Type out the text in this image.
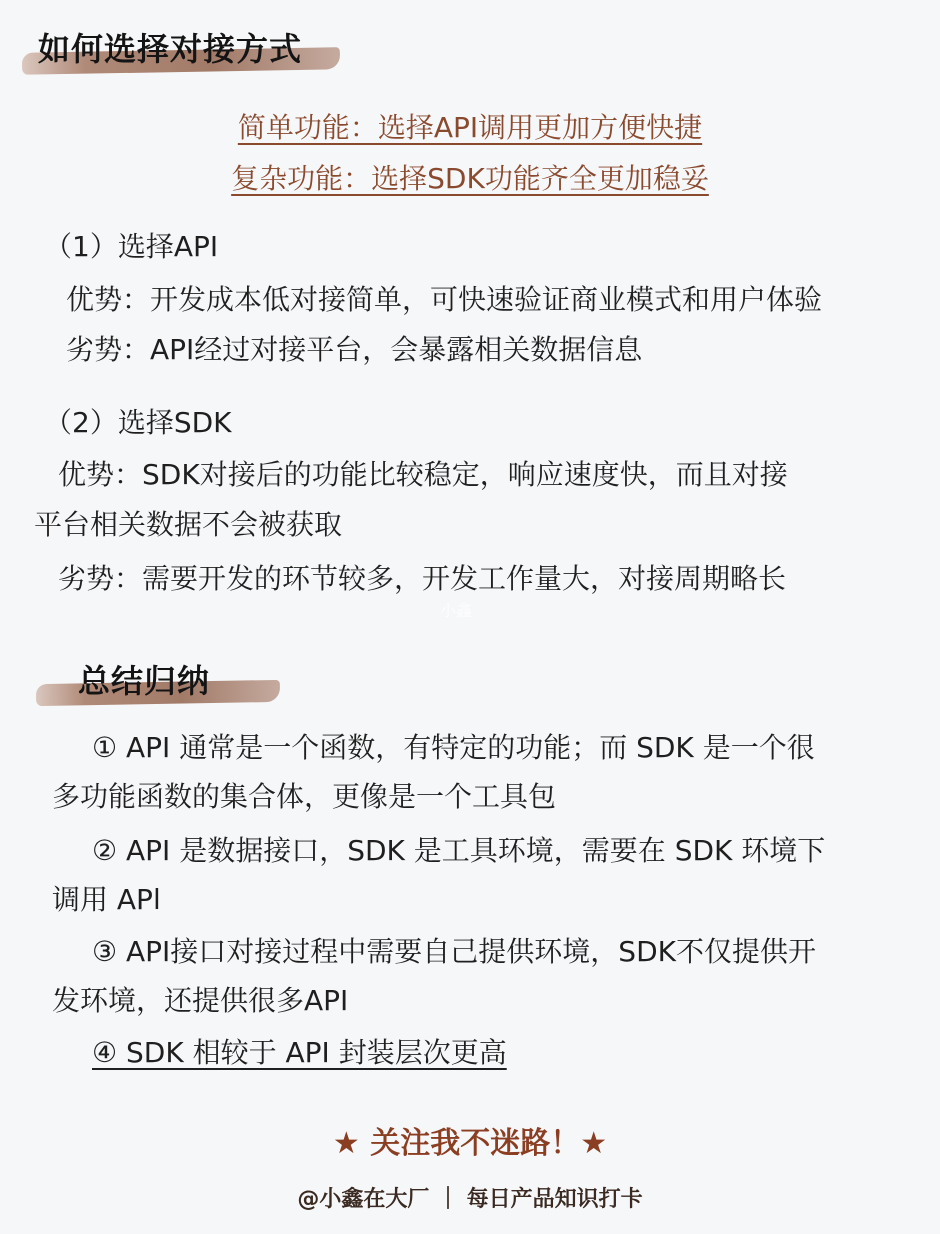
如何选择对接方式
简单功能：选择API调用更加方便快捷
复杂功能：选择SDK功能齐全更加稳妥
（1）选择API
优势：开发成本低对接简单，可快速验证商业模式和用户体验
劣势：API经过对接平台，会暴露相关数据信息
（2）选择SDK
优势：SDK对接后的功能比较稳定，响应速度快，而且对接
平台相关数据不会被获取
劣势：需要开发的环节较多，开发工作量大，对接周期略长
小鑫
总结归纳
① API 通常是一个函数，有特定的功能；而 SDK 是一个很
多功能函数的集合体，更像是一个工具包
② API 是数据接口，SDK 是工具环境，需要在 SDK 环境下
调用 APl
③ API接口对接过程中需要自己提供环境，SDK不仅提供开
发环境，还提供很多API
④ SDK 相较于 API 封装层次更高
★ 关注我不迷路！★
@小鑫在大厂 ｜ 每日产品知识打卡
